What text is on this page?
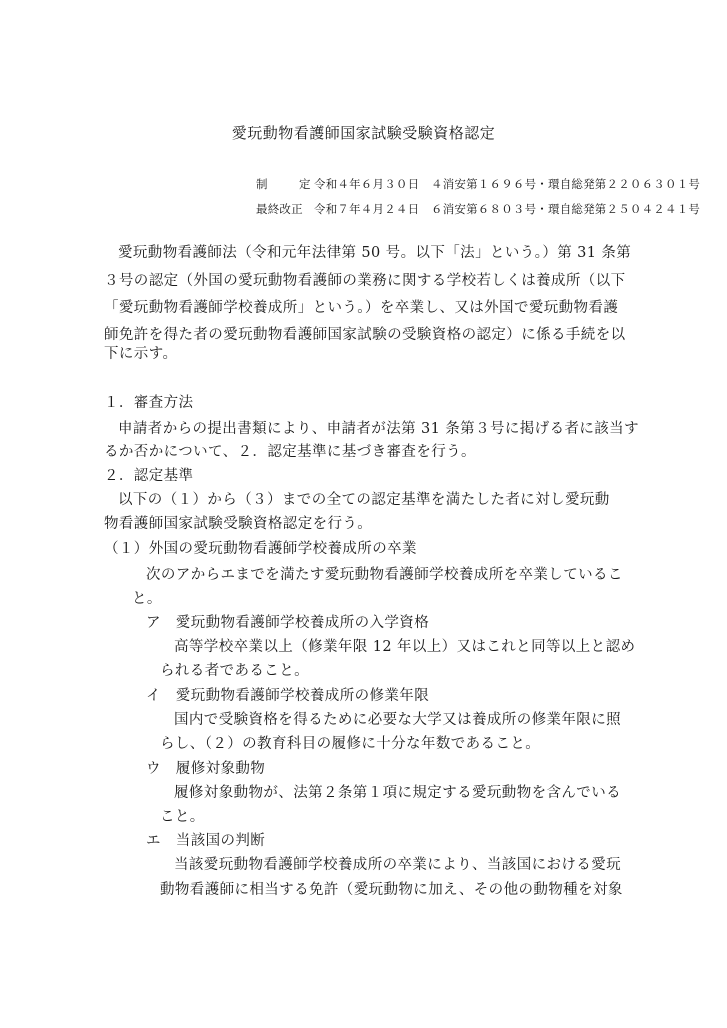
愛玩動物看護師国家試験受験資格認定
制　定令和４年６月３０日　４消安第１６９６号・環自総発第２２０６３０１号
最終改正 令和７年４月２４日　６消安第６８０３号・環自総発第２５０４２４１号
愛玩動物看護師法（令和元年法律第 50 号。以下「法」という。）第 31 条第
３号の認定（外国の愛玩動物看護師の業務に関する学校若しくは養成所（以下
「愛玩動物看護師学校養成所」という。）を卒業し、又は外国で愛玩動物看護
師免許を得た者の愛玩動物看護師国家試験の受験資格の認定）に係る手続を以
下に示す。
１．審査方法
申請者からの提出書類により、申請者が法第 31 条第３号に掲げる者に該当す
るか否かについて、２．認定基準に基づき審査を行う。
２．認定基準
以下の（１）から（３）までの全ての認定基準を満たした者に対し愛玩動
物看護師国家試験受験資格認定を行う。
（１）外国の愛玩動物看護師学校養成所の卒業
次のアからエまでを満たす愛玩動物看護師学校養成所を卒業しているこ
と。
ア　愛玩動物看護師学校養成所の入学資格
高等学校卒業以上（修業年限 12 年以上）又はこれと同等以上と認め
られる者であること。
イ　愛玩動物看護師学校養成所の修業年限
国内で受験資格を得るために必要な大学又は養成所の修業年限に照
らし、（２）の教育科目の履修に十分な年数であること。
ウ　履修対象動物
履修対象動物が、法第２条第１項に規定する愛玩動物を含んでいる
こと。
エ　当該国の判断
当該愛玩動物看護師学校養成所の卒業により、当該国における愛玩
動物看護師に相当する免許（愛玩動物に加え、その他の動物種を対象
